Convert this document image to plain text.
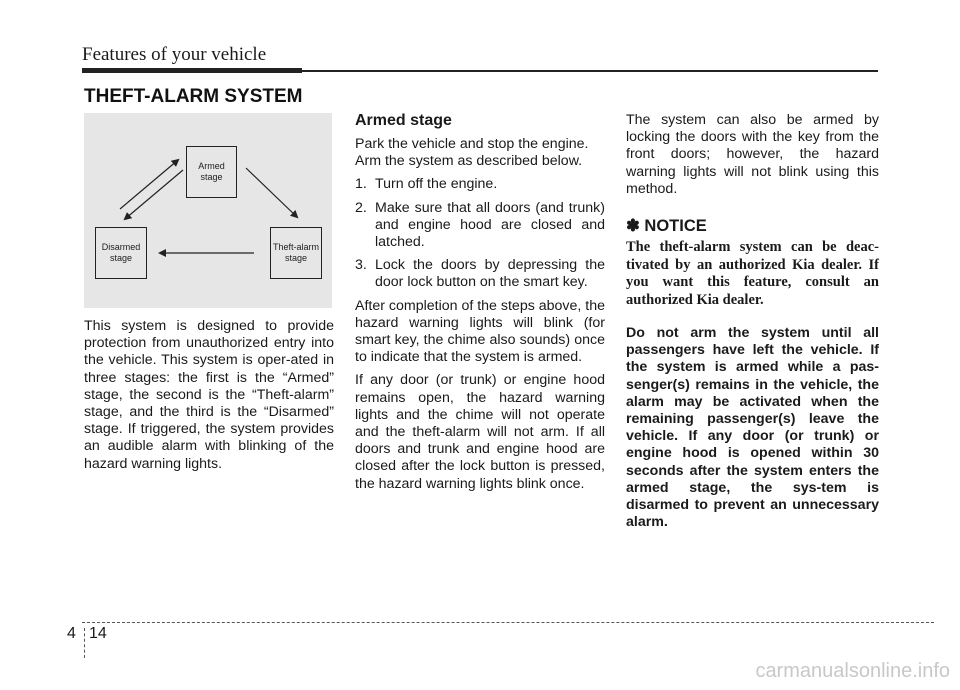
Features of your vehicle
THEFT-ALARM SYSTEM
Armed
stage
Disarmed
stage
Theft-alarm
stage

This system is designed to provide protection from unauthorized entry into the vehicle. This system is oper-ated in three stages: the first is the “Armed” stage, the second is the “Theft-alarm” stage, and the third is the “Disarmed” stage. If triggered, the system provides an audible alarm with blinking of the hazard warning lights.

Armed stage

Park the vehicle and stop the engine. Arm the system as described below.

1. Turn off the engine.
2. Make sure that all doors (and trunk) and engine hood are closed and latched.
3. Lock the doors by depressing the door lock button on the smart key.

After completion of the steps above, the hazard warning lights will blink (for smart key, the chime also sounds) once to indicate that the system is armed.

If any door (or trunk) or engine hood remains open, the hazard warning lights and the chime will not operate and the theft-alarm will not arm. If all doors and trunk and engine hood are closed after the lock button is pressed, the hazard warning lights blink once.

The system can also be armed by locking the doors with the key from the front doors; however, the hazard warning lights will not blink using this method.

✽ NOTICE

The theft-alarm system can be deac-tivated by an authorized Kia dealer. If you want this feature, consult an authorized Kia dealer.

Do not arm the system until all passengers have left the vehicle. If the system is armed while a pas-senger(s) remains in the vehicle, the alarm may be activated when the remaining passenger(s) leave the vehicle. If any door (or trunk) or engine hood is opened within 30 seconds after the system enters the armed stage, the sys-tem is disarmed to prevent an unnecessary alarm.

4 14
carmanualsonline.info
